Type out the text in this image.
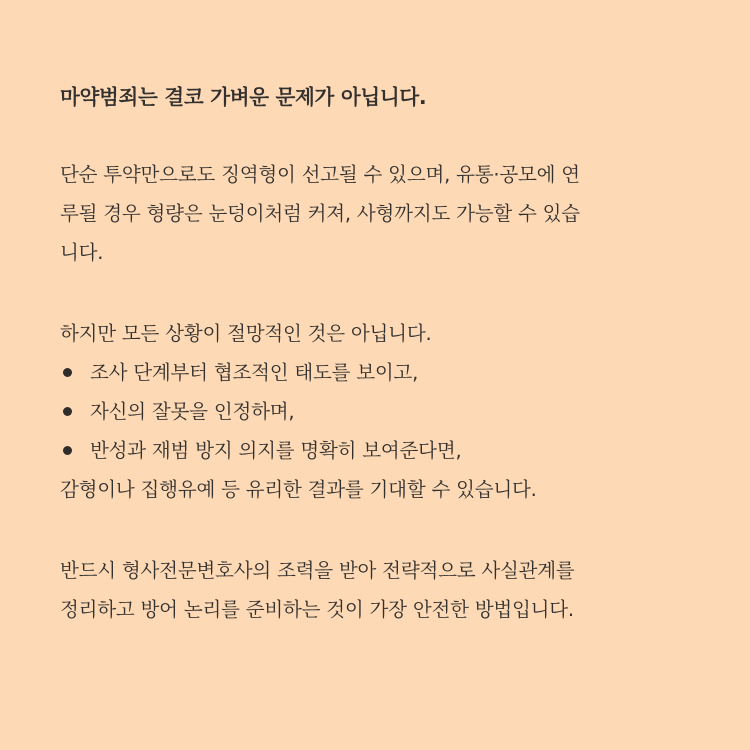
마약범죄는 결코 가벼운 문제가 아닙니다.

단순 투약만으로도 징역형이 선고될 수 있으며, 유통·공모에 연

루될 경우 형량은 눈덩이처럼 커져, 사형까지도 가능할 수 있습

니다.

하지만 모든 상황이 절망적인 것은 아닙니다.

조사 단계부터 협조적인 태도를 보이고,
자신의 잘못을 인정하며,
반성과 재범 방지 의지를 명확히 보여준다면,

감형이나 집행유예 등 유리한 결과를 기대할 수 있습니다.

반드시 형사전문변호사의 조력을 받아 전략적으로 사실관계를

정리하고 방어 논리를 준비하는 것이 가장 안전한 방법입니다.
